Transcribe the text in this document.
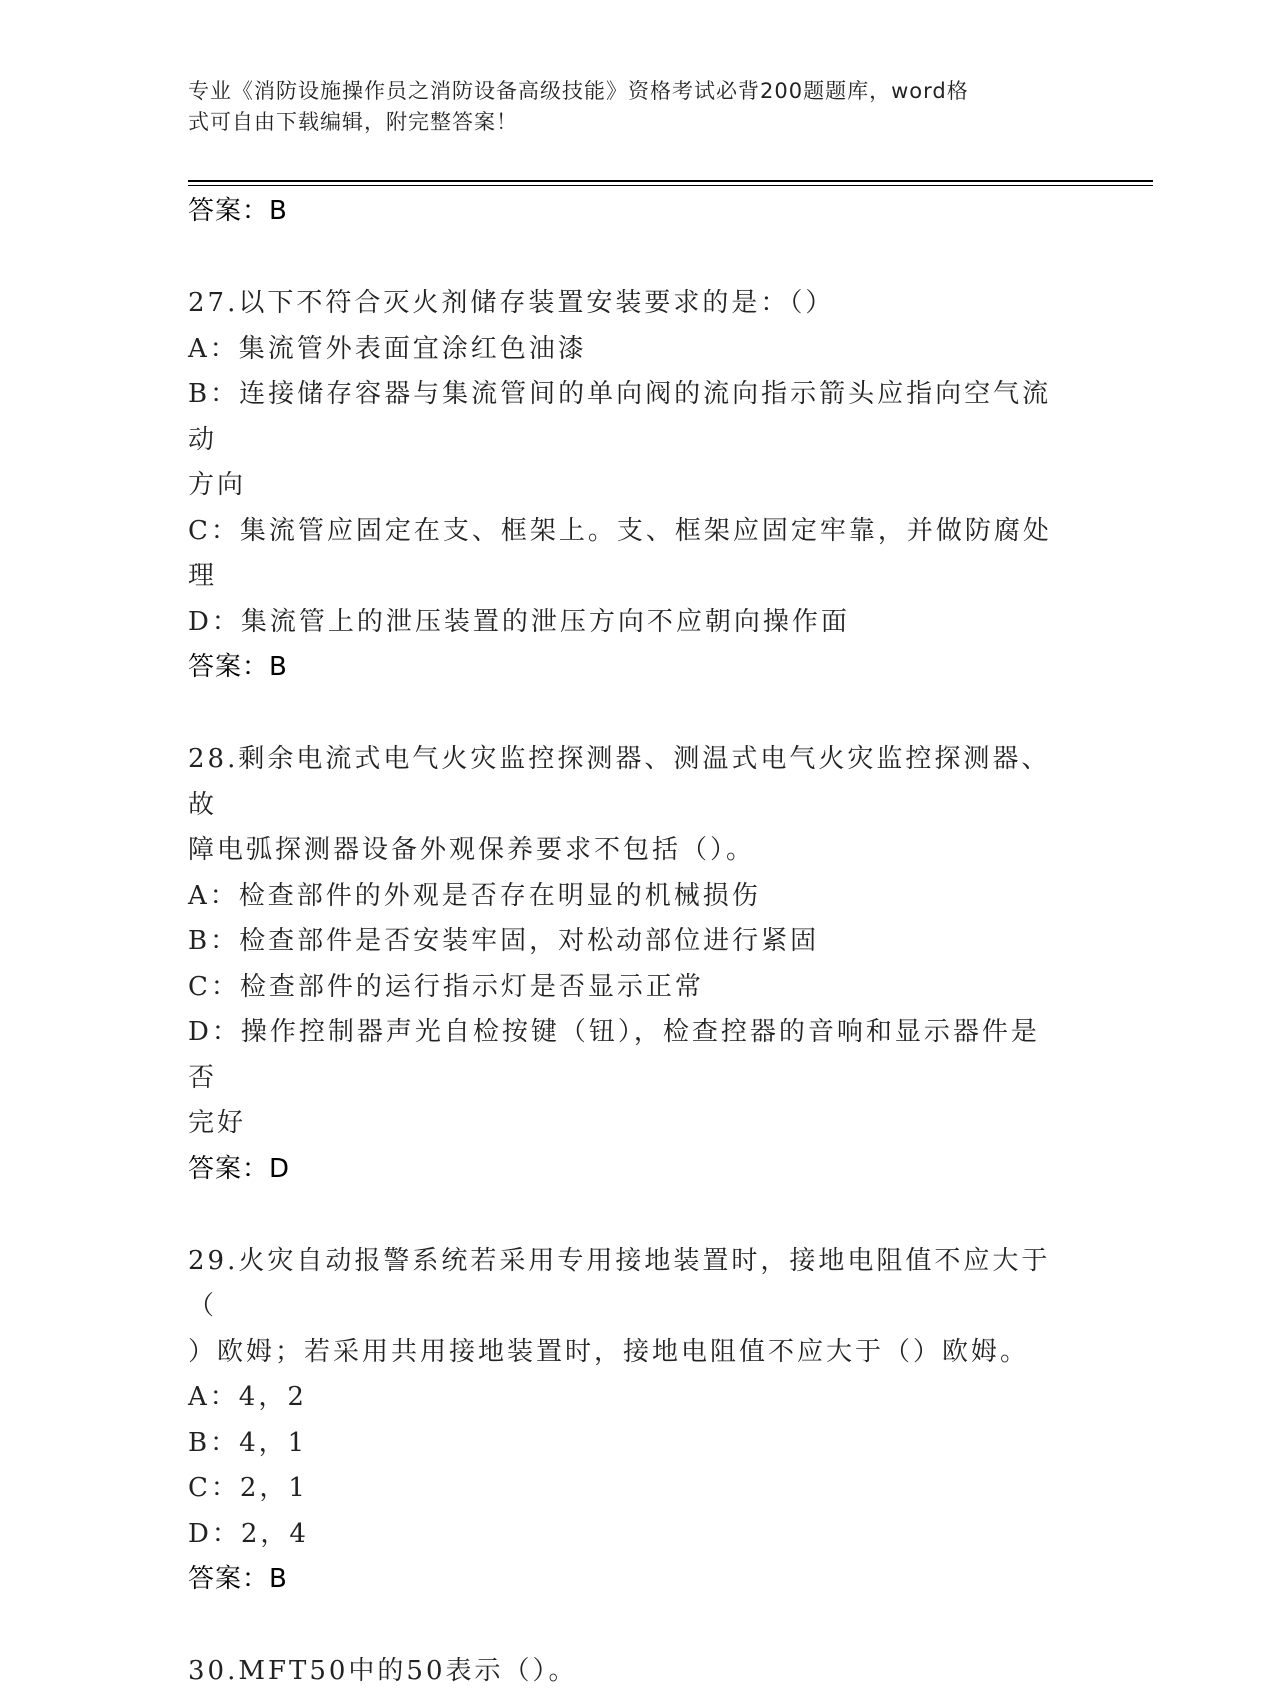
专业《消防设施操作员之消防设备高级技能》资格考试必背200题题库，word格
式可自由下载编辑，附完整答案！
答案：B
27.以下不符合灭火剂储存装置安装要求的是：（）
A：集流管外表面宜涂红色油漆
B：连接储存容器与集流管间的单向阀的流向指示箭头应指向空气流动
方向
C：集流管应固定在支、框架上。支、框架应固定牢靠，并做防腐处理
D：集流管上的泄压装置的泄压方向不应朝向操作面
答案：B
28.剩余电流式电气火灾监控探测器、测温式电气火灾监控探测器、故
障电弧探测器设备外观保养要求不包括（）。
A：检查部件的外观是否存在明显的机械损伤
B：检查部件是否安装牢固，对松动部位进行紧固
C：检查部件的运行指示灯是否显示正常
D：操作控制器声光自检按键（钮），检查控器的音响和显示器件是否
完好
答案：D
29.火灾自动报警系统若采用专用接地装置时，接地电阻值不应大于（
）欧姆；若采用共用接地装置时，接地电阻值不应大于（）欧姆。
A：4，2
B：4，1
C：2，1
D：2，4
答案：B
30.MFT50中的50表示（）。
